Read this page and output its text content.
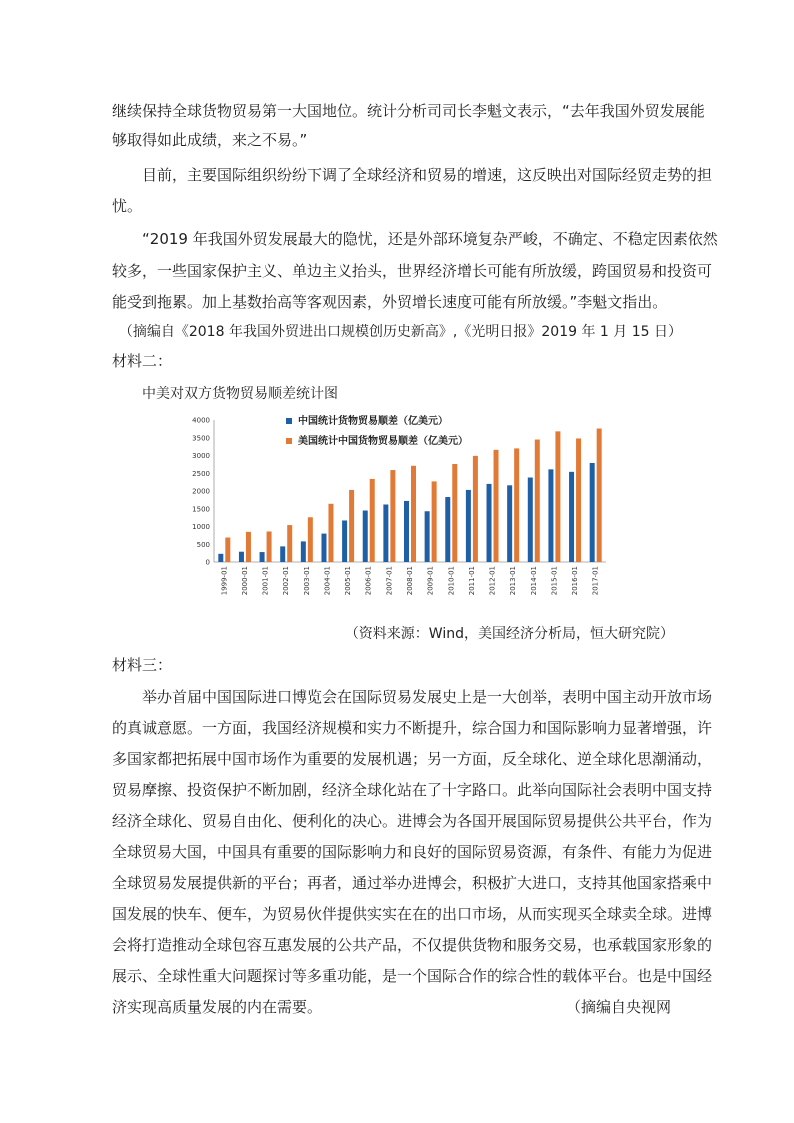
继续保持全球货物贸易第一大国地位。统计分析司司长李魁文表示，“去年我国外贸发展能
够取得如此成绩，来之不易。”
目前，主要国际组织纷纷下调了全球经济和贸易的增速，这反映出对国际经贸走势的担
忧。
“2019 年我国外贸发展最大的隐忧，还是外部环境复杂严峻，不确定、不稳定因素依然
较多，一些国家保护主义、单边主义抬头，世界经济增长可能有所放缓，跨国贸易和投资可
能受到拖累。加上基数抬高等客观因素，外贸增长速度可能有所放缓。”李魁文指出。
（摘编自《2018 年我国外贸进出口规模创历史新高》,《光明日报》2019 年 1 月 15 日）
材料二：
中美对双方货物贸易顺差统计图
0
500
1000
1500
2000
2500
3000
3500
4000
1999-01 2000-01 2001-01 2002-01 2003-01 2004-01 2005-01 2006-01 2007-01 2008-01 2009-01 2010-01 2011-01 2012-01 2013-01 2014-01 2015-01 2016-01 2017-01
中国统计货物贸易顺差（亿美元）
美国统计中国货物贸易顺差（亿美元）
（资料来源：Wind，美国经济分析局，恒大研究院）
材料三：
举办首届中国国际进口博览会在国际贸易发展史上是一大创举，表明中国主动开放市场
的真诚意愿。一方面，我国经济规模和实力不断提升，综合国力和国际影响力显著增强，许
多国家都把拓展中国市场作为重要的发展机遇；另一方面，反全球化、逆全球化思潮涌动，
贸易摩擦、投资保护不断加剧，经济全球化站在了十字路口。此举向国际社会表明中国支持
经济全球化、贸易自由化、便利化的决心。进博会为各国开展国际贸易提供公共平台，作为
全球贸易大国，中国具有重要的国际影响力和良好的国际贸易资源，有条件、有能力为促进
全球贸易发展提供新的平台；再者，通过举办进博会，积极扩大进口，支持其他国家搭乘中
国发展的快车、便车，为贸易伙伴提供实实在在的出口市场，从而实现买全球卖全球。进博
会将打造推动全球包容互惠发展的公共产品，不仅提供货物和服务交易，也承载国家形象的
展示、全球性重大问题探讨等多重功能，是一个国际合作的综合性的载体平台。也是中国经
济实现高质量发展的内在需要。	（摘编自央视网
